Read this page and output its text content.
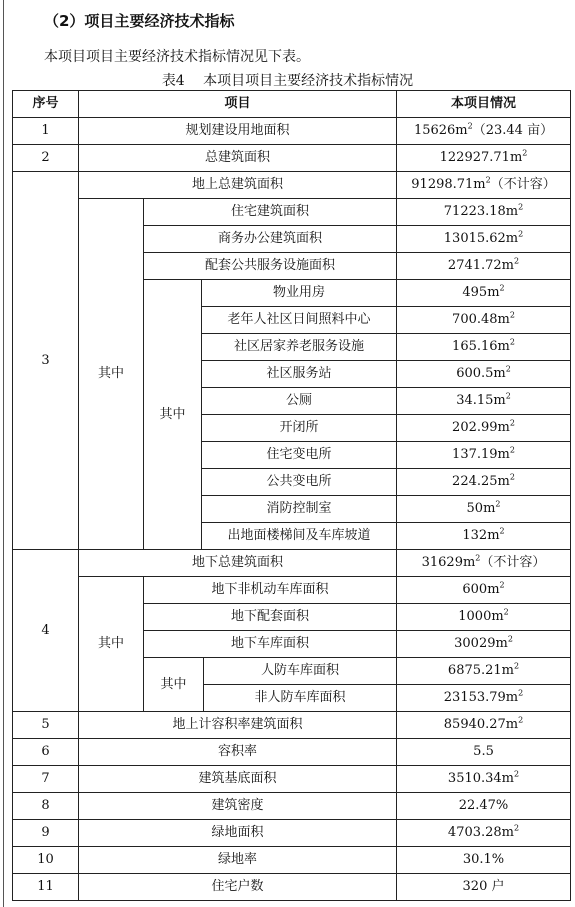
（2）项目主要经济技术指标
本项目项目主要经济技术指标情况见下表。
表4　 本项目项目主要经济技术指标情况
序号	项目				本项目情况
1	规划建设用地面积				$15626m^2(23.44$ 亩）
2	总建筑面积				$122927.71m^2$
3	地上总建筑面积				$91298.71m^2$（不计容）
	其中	住宅建筑面积			$71223.18m^2$
		商务办公建筑面积			$13015.62m^2$
		配套公共服务设施面积			$2741.72m^2$
		其中	物业用房		$495m^2$
			老年人社区日间照料中心		$700.48m^2$
			社区居家养老服务设施		$165.16m^2$
			社区服务站		$600.5m^2$
			公厕		$34.15m^2$
			开闭所		$202.99m^2$
			住宅变电所		$137.19m^2$
			公共变电所		$224.25m^2$
			消防控制室		$50m^2$
			出地面楼梯间及车库坡道		$132m^2$
4	地下总建筑面积				$31629m^2$（不计容）
	其中	地下非机动车库面积			$600m^2$
		地下配套面积			$1000m^2$
		地下车库面积			$30029m^2$
		其中		人防车库面积	$6875.21m^2$
				非人防车库面积	$23153.79m^2$
5	地上计容积率建筑面积				$85940.27m^2$
6	容积率				5.5
7	建筑基底面积				$3510.34m^2$
8	建筑密度				22.47%
9	绿地面积				$4703.28m^2$
10	绿地率				30.1%
11	住宅户数				320 户
